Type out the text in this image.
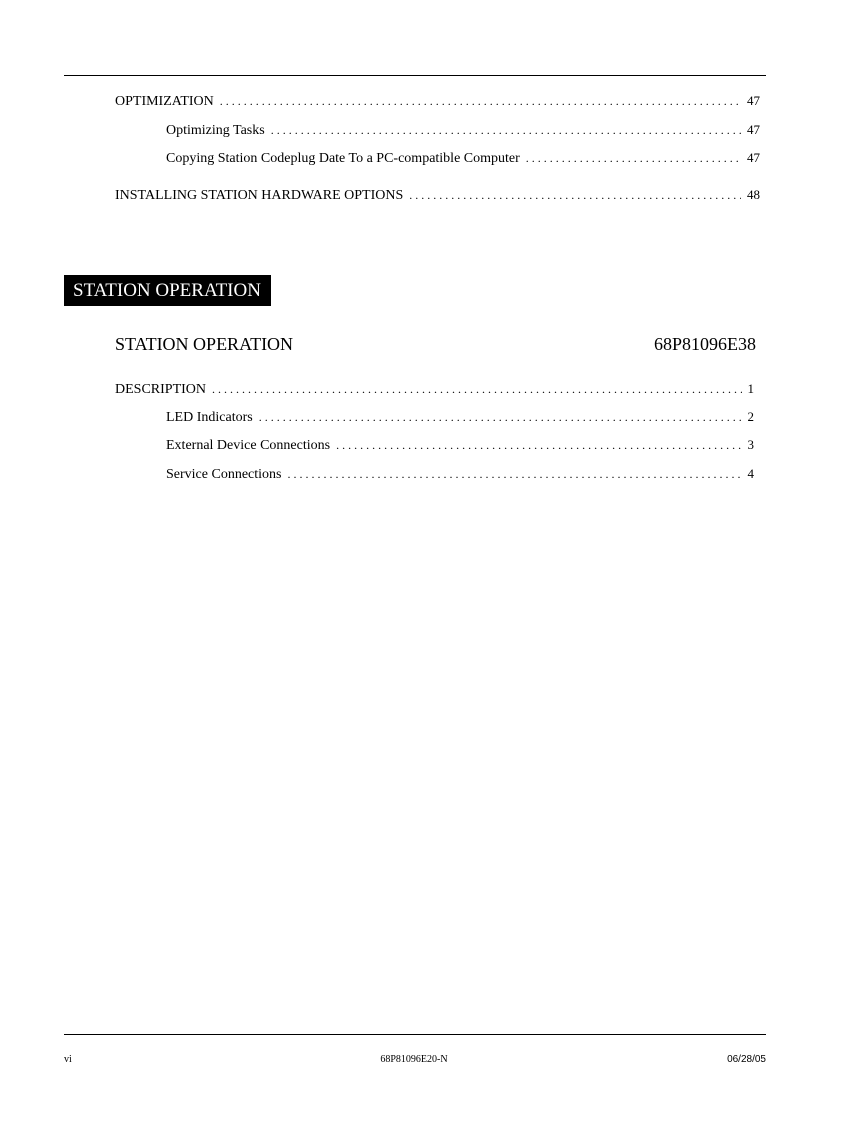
OPTIMIZATION . . .	47
Optimizing Tasks . . .	47
Copying Station Codeplug Date To a PC-compatible Computer . . .	47
INSTALLING STATION HARDWARE OPTIONS . . .	48
STATION OPERATION
STATION OPERATION	68P81096E38
DESCRIPTION . . .	1
LED Indicators . . .	2
External Device Connections . . .	3
Service Connections . . .	4
vi	68P81096E20-N	06/28/05
